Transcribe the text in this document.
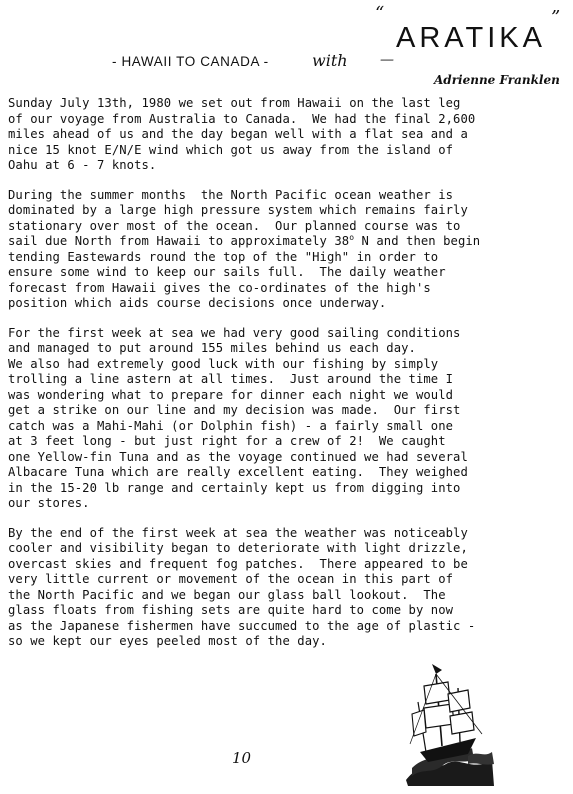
- HAWAII TO CANADA -	with —
“
ARATIKA
”
Adrienne Franklen
Sunday July 13th, 1980 we set out from Hawaii on the last leg
of our voyage from Australia to Canada.  We had the final 2,600
miles ahead of us and the day began well with a flat sea and a
nice 15 knot E/N/E wind which got us away from the island of
Oahu at 6 - 7 knots.
During the summer months  the North Pacific ocean weather is
dominated by a large high pressure system which remains fairly
stationary over most of the ocean.  Our planned course was to
sail due North from Hawaii to approximately 38$^o$ N and then begin
tending Eastewards round the top of the "High" in order to
ensure some wind to keep our sails full.  The daily weather
forecast from Hawaii gives the co-ordinates of the high's
position which aids course decisions once underway.
For the first week at sea we had very good sailing conditions
and managed to put around 155 miles behind us each day.
We also had extremely good luck with our fishing by simply
trolling a line astern at all times.  Just around the time I
was wondering what to prepare for dinner each night we would
get a strike on our line and my decision was made.  Our first
catch was a Mahi-Mahi (or Dolphin fish) - a fairly small one
at 3 feet long - but just right for a crew of 2!  We caught
one Yellow-fin Tuna and as the voyage continued we had several
Albacare Tuna which are really excellent eating.  They weighed
in the 15-20 lb range and certainly kept us from digging into
our stores.
By the end of the first week at sea the weather was noticeably
cooler and visibility began to deteriorate with light drizzle,
overcast skies and frequent fog patches.  There appeared to be
very little current or movement of the ocean in this part of
the North Pacific and we began our glass ball lookout.  The
glass floats from fishing sets are quite hard to come by now
as the Japanese fishermen have succumed to the age of plastic -
so we kept our eyes peeled most of the day.
10
